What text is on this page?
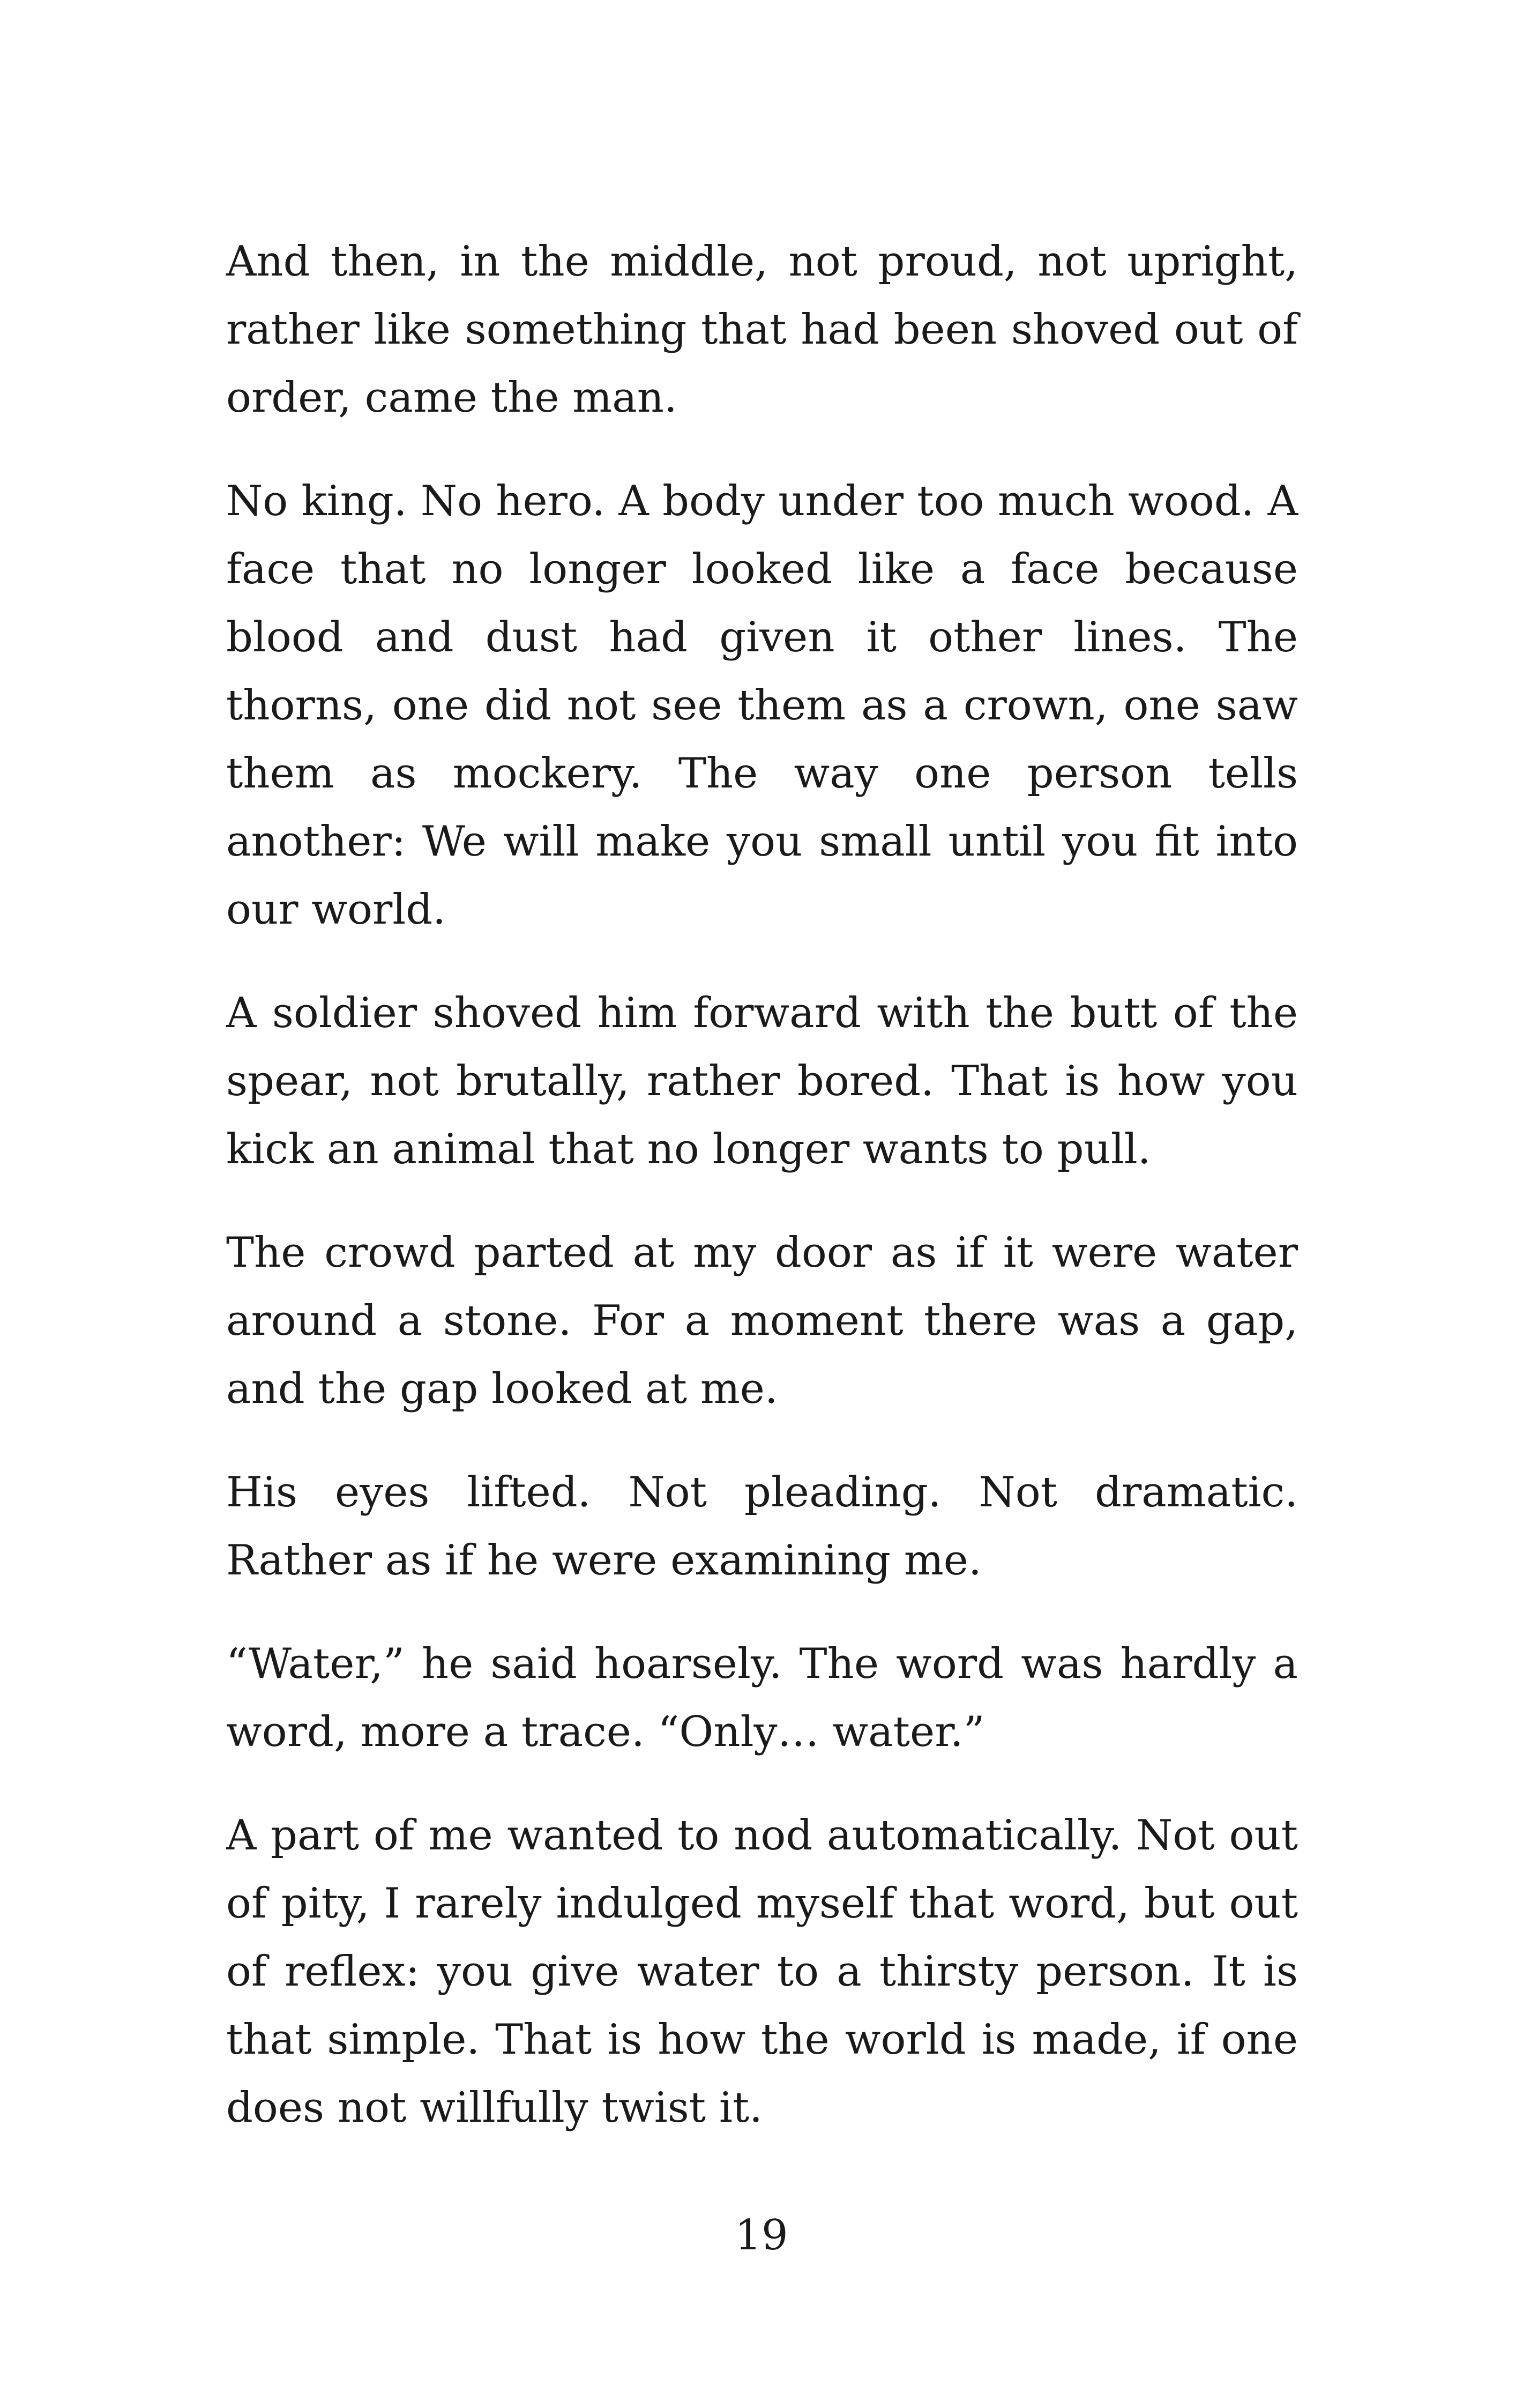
And then, in the middle, not proud, not upright, rather like something that had been shoved out of order, came the man.

No king. No hero. A body under too much wood. A face that no longer looked like a face because blood and dust had given it other lines. The thorns, one did not see them as a crown, one saw them as mockery. The way one person tells another: We will make you small until you fit into our world.

A soldier shoved him forward with the butt of the spear, not brutally, rather bored. That is how you kick an animal that no longer wants to pull.

The crowd parted at my door as if it were water around a stone. For a moment there was a gap, and the gap looked at me.

His eyes lifted. Not pleading. Not dramatic. Rather as if he were examining me.

“Water,” he said hoarsely. The word was hardly a word, more a trace. “Only… water.”

A part of me wanted to nod automatically. Not out of pity, I rarely indulged myself that word, but out of reflex: you give water to a thirsty person. It is that simple. That is how the world is made, if one does not willfully twist it.

19
